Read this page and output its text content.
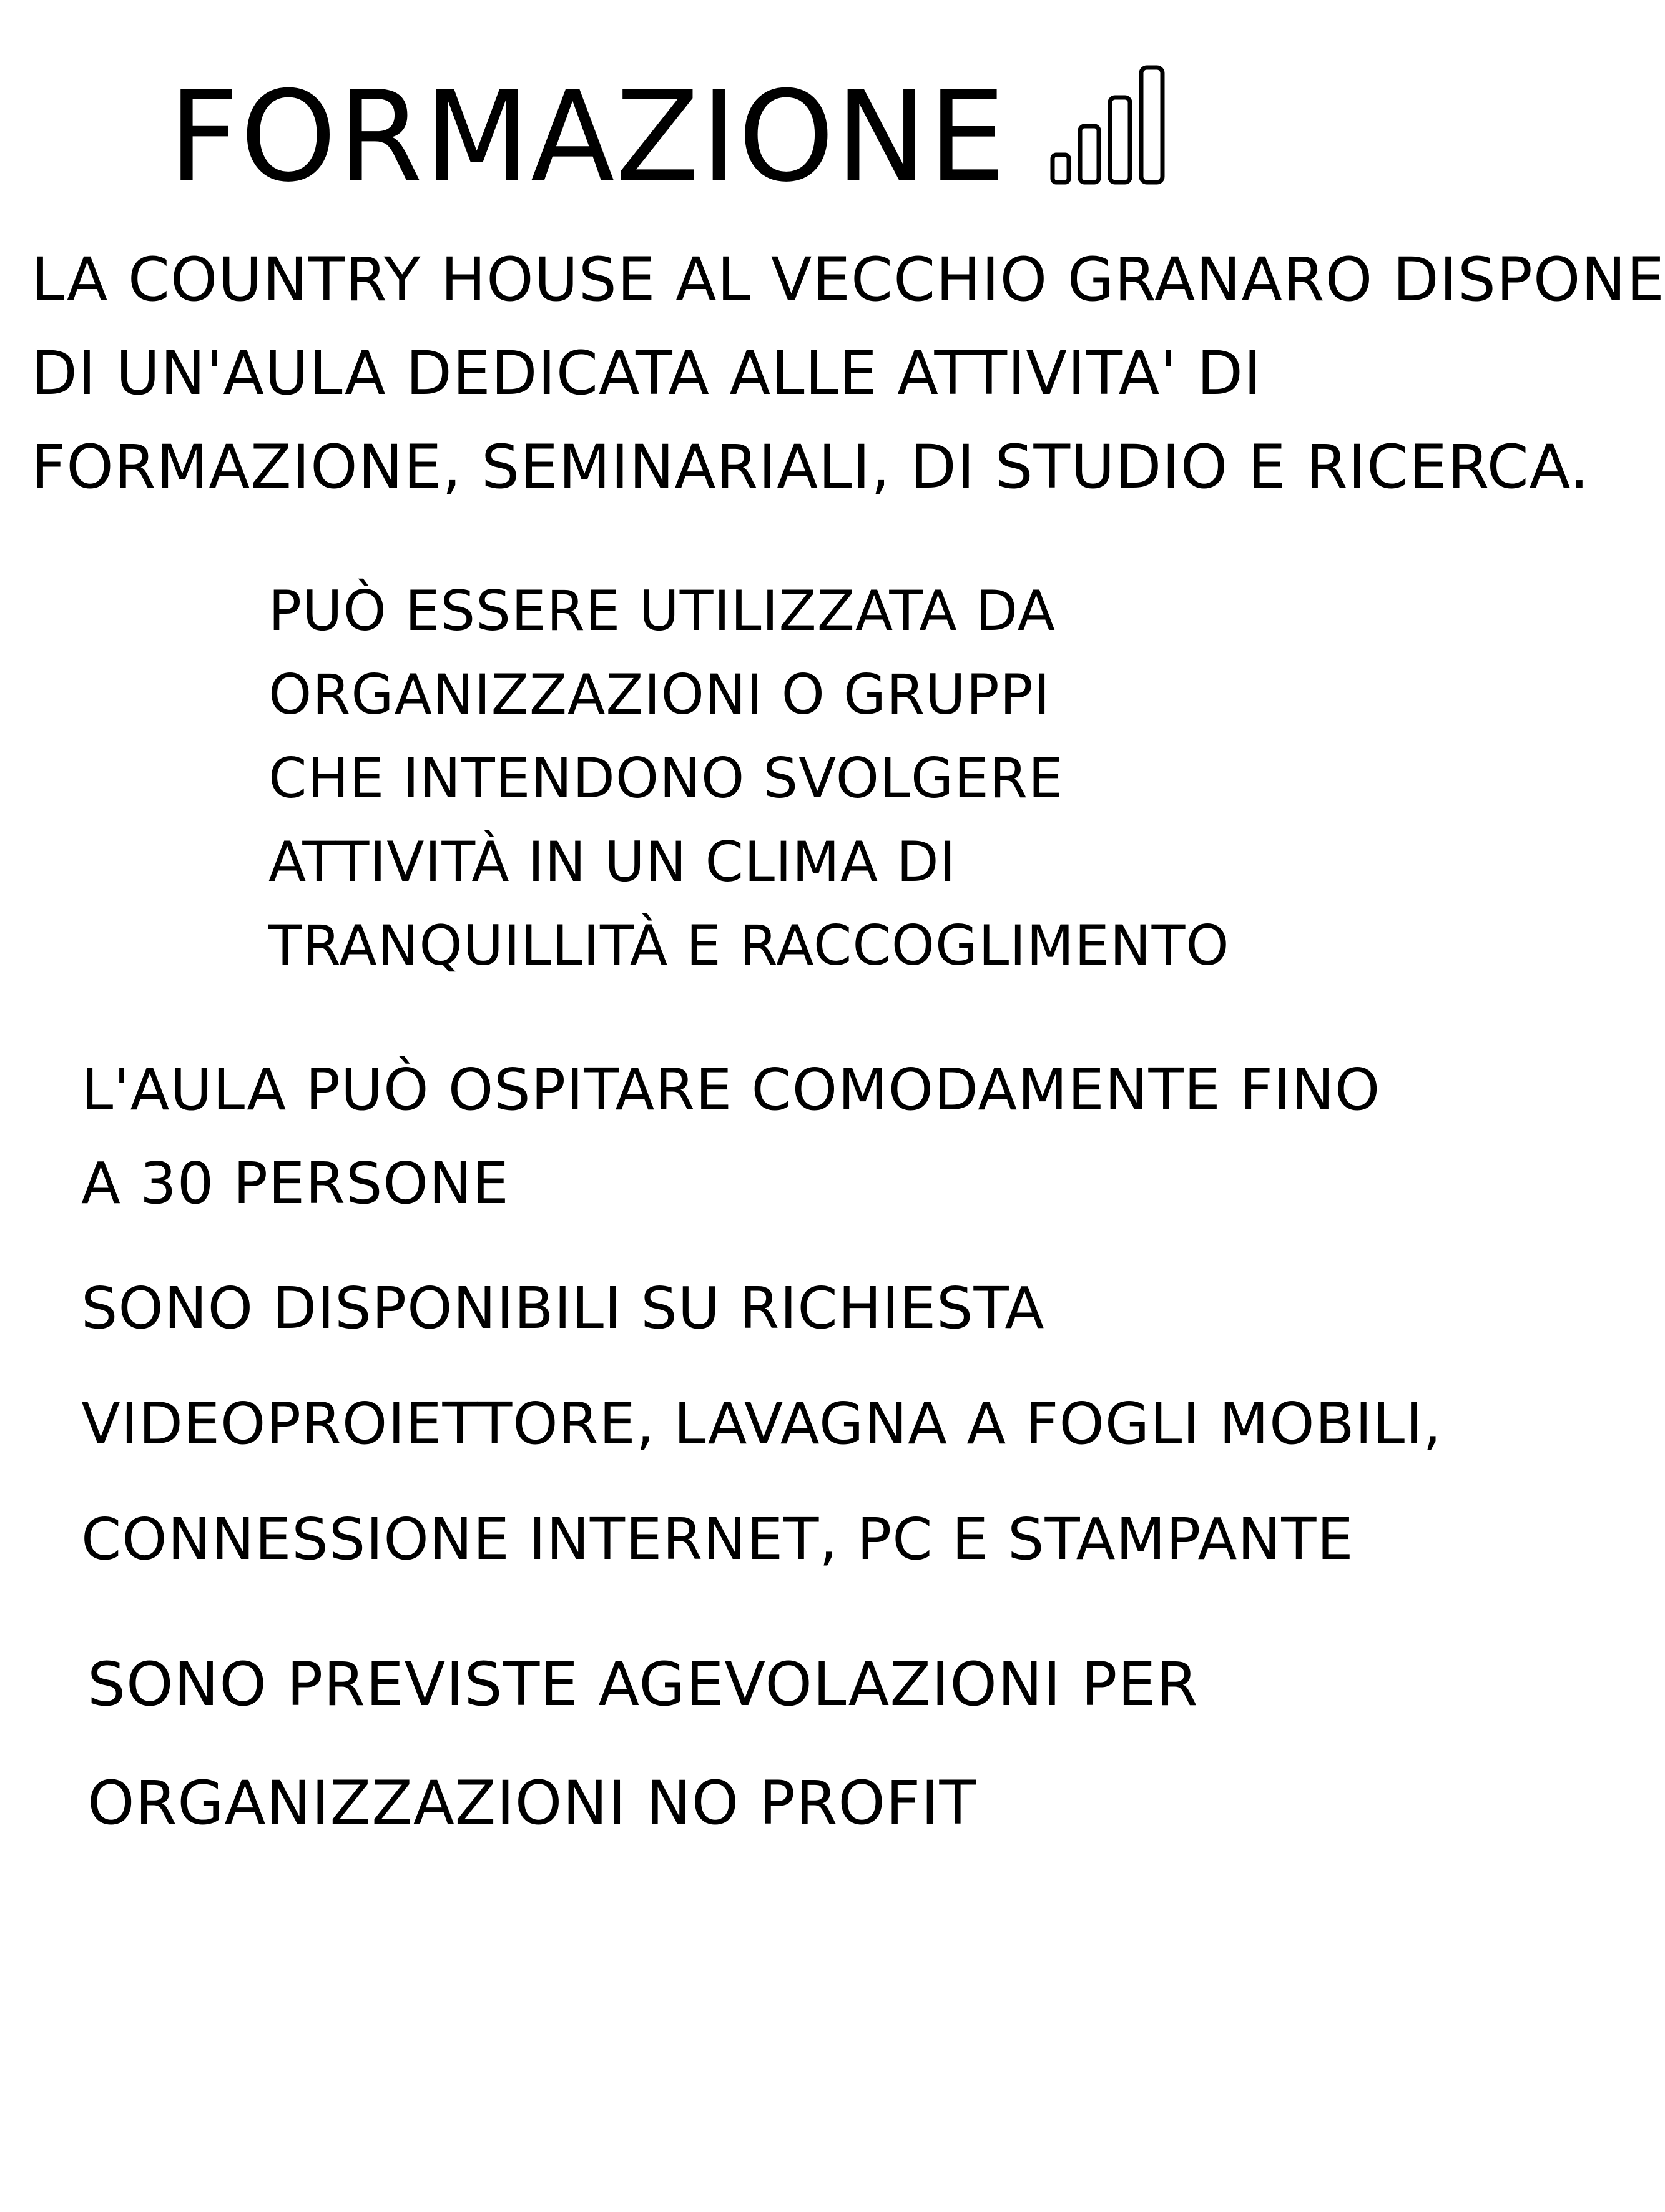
FORMAZIONE
LA COUNTRY HOUSE AL VECCHIO GRANARO DISPONE
DI UN'AULA DEDICATA ALLE ATTIVITA' DI
FORMAZIONE, SEMINARIALI, DI STUDIO E RICERCA.
PUÒ ESSERE UTILIZZATA DA
ORGANIZZAZIONI O GRUPPI
CHE INTENDONO SVOLGERE
ATTIVITÀ IN UN CLIMA DI
TRANQUILLITÀ E RACCOGLIMENTO
L'AULA PUÒ OSPITARE COMODAMENTE FINO
A 30 PERSONE
SONO DISPONIBILI SU RICHIESTA
VIDEOPROIETTORE, LAVAGNA A FOGLI MOBILI,
CONNESSIONE INTERNET, PC E STAMPANTE
SONO PREVISTE AGEVOLAZIONI PER
ORGANIZZAZIONI NO PROFIT
